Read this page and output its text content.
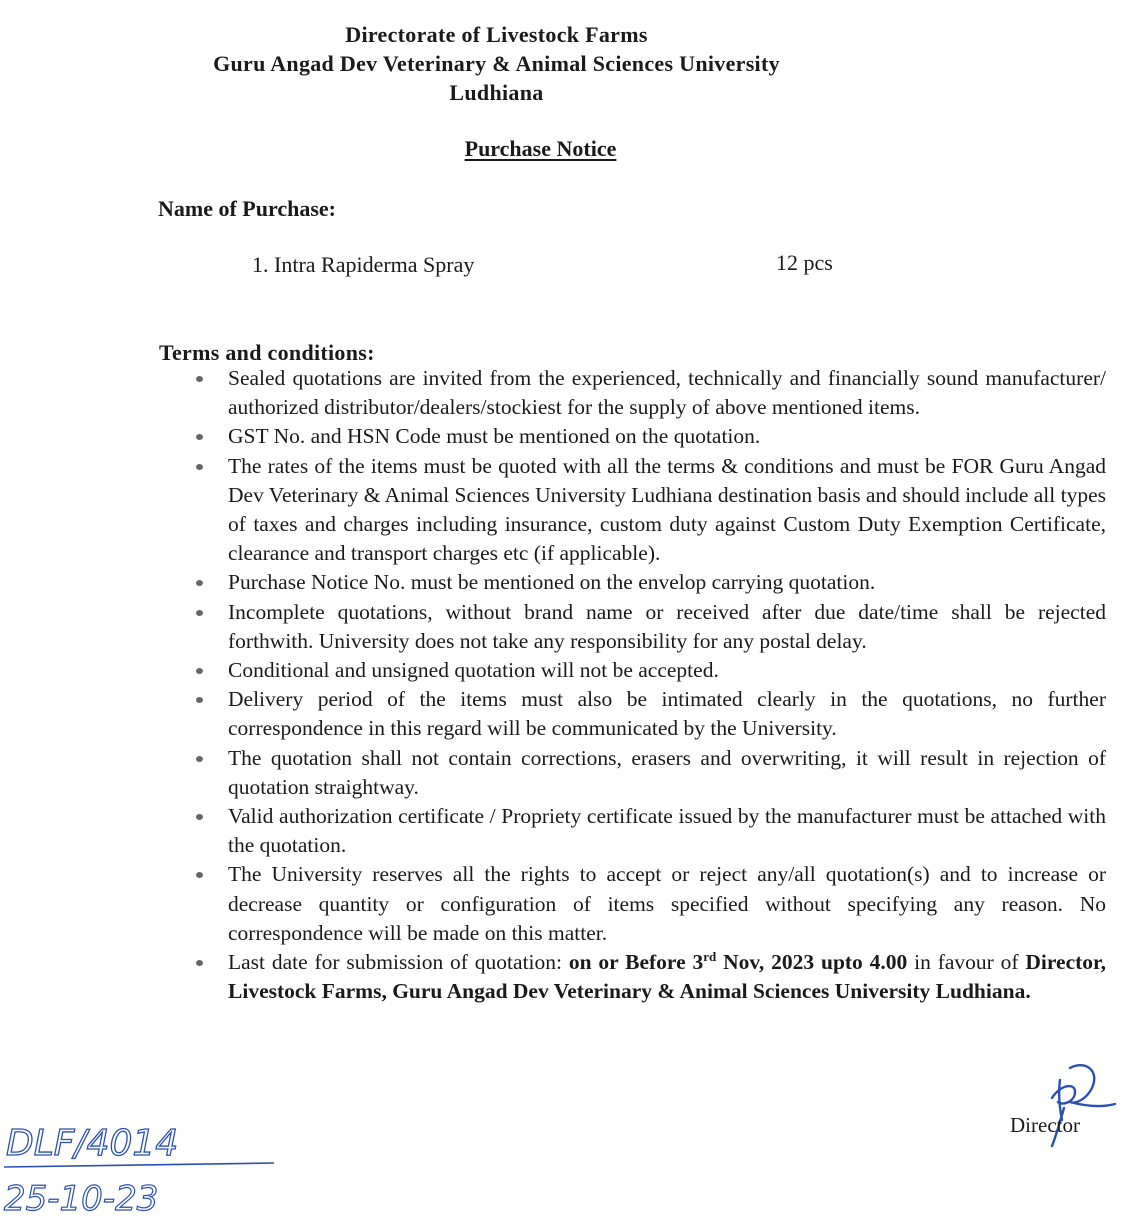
Directorate of Livestock Farms
Guru Angad Dev Veterinary & Animal Sciences University
Ludhiana
Purchase Notice
Name of Purchase:
1. Intra Rapiderma Spray	12 pcs
Terms and conditions:
Sealed quotations are invited from the experienced, technically and financially sound manufacturer/ authorized distributor/dealers/stockiest for the supply of above mentioned items.
GST No. and HSN Code must be mentioned on the quotation.
The rates of the items must be quoted with all the terms & conditions and must be FOR Guru Angad Dev Veterinary & Animal Sciences University Ludhiana destination basis and should include all types of taxes and charges including insurance, custom duty against Custom Duty Exemption Certificate, clearance and transport charges etc (if applicable).
Purchase Notice No. must be mentioned on the envelop carrying quotation.
Incomplete quotations, without brand name or received after due date/time shall be rejected forthwith. University does not take any responsibility for any postal delay.
Conditional and unsigned quotation will not be accepted.
Delivery period of the items must also be intimated clearly in the quotations, no further correspondence in this regard will be communicated by the University.
The quotation shall not contain corrections, erasers and overwriting, it will result in rejection of quotation straightway.
Valid authorization certificate / Propriety certificate issued by the manufacturer must be attached with the quotation.
The University reserves all the rights to accept or reject any/all quotation(s) and to increase or decrease quantity or configuration of items specified without specifying any reason. No correspondence will be made on this matter.
Last date for submission of quotation: on or Before 3rd Nov, 2023 upto 4.00 in favour of Director, Livestock Farms, Guru Angad Dev Veterinary & Animal Sciences University Ludhiana.
Director
DLF/4014
25-10-23
